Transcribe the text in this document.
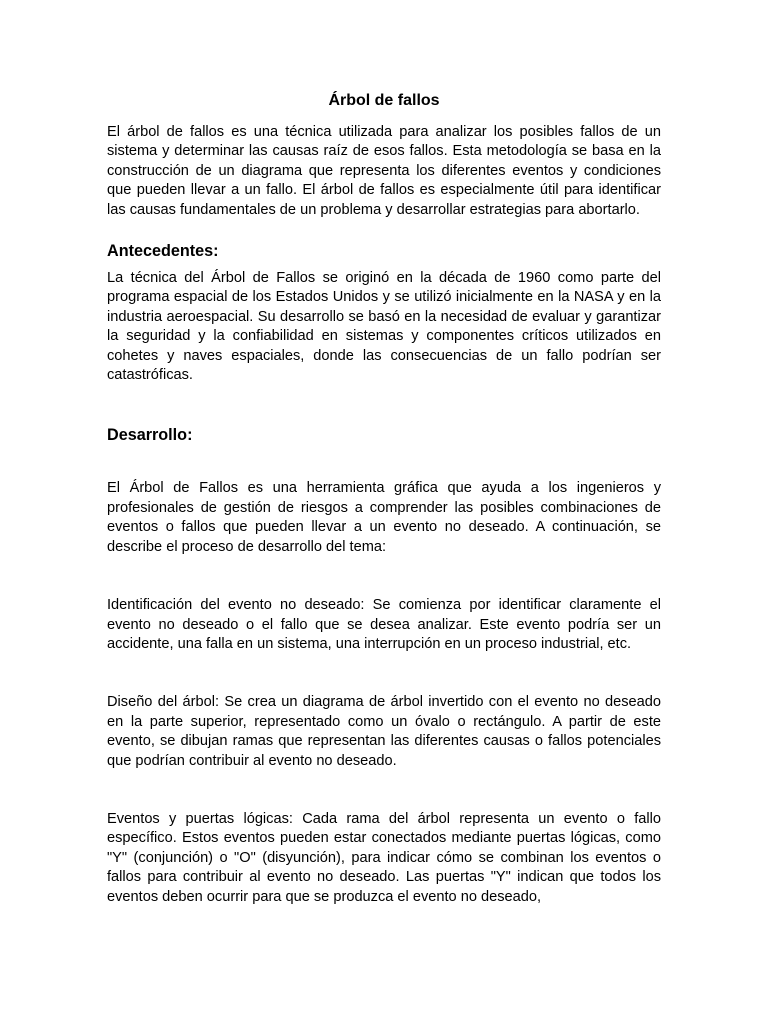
Árbol de fallos

El árbol de fallos es una técnica utilizada para analizar los posibles fallos de un sistema y determinar las causas raíz de esos fallos. Esta metodología se basa en la construcción de un diagrama que representa los diferentes eventos y condiciones que pueden llevar a un fallo. El árbol de fallos es especialmente útil para identificar las causas fundamentales de un problema y desarrollar estrategias para abortarlo.

Antecedentes:

La técnica del Árbol de Fallos se originó en la década de 1960 como parte del programa espacial de los Estados Unidos y se utilizó inicialmente en la NASA y en la industria aeroespacial. Su desarrollo se basó en la necesidad de evaluar y garantizar la seguridad y la confiabilidad en sistemas y componentes críticos utilizados en cohetes y naves espaciales, donde las consecuencias de un fallo podrían ser catastróficas.

Desarrollo:

El Árbol de Fallos es una herramienta gráfica que ayuda a los ingenieros y profesionales de gestión de riesgos a comprender las posibles combinaciones de eventos o fallos que pueden llevar a un evento no deseado. A continuación, se describe el proceso de desarrollo del tema:

Identificación del evento no deseado: Se comienza por identificar claramente el evento no deseado o el fallo que se desea analizar. Este evento podría ser un accidente, una falla en un sistema, una interrupción en un proceso industrial, etc.

Diseño del árbol: Se crea un diagrama de árbol invertido con el evento no deseado en la parte superior, representado como un óvalo o rectángulo. A partir de este evento, se dibujan ramas que representan las diferentes causas o fallos potenciales que podrían contribuir al evento no deseado.

Eventos y puertas lógicas: Cada rama del árbol representa un evento o fallo específico. Estos eventos pueden estar conectados mediante puertas lógicas, como "Y" (conjunción) o "O" (disyunción), para indicar cómo se combinan los eventos o fallos para contribuir al evento no deseado. Las puertas "Y" indican que todos los eventos deben ocurrir para que se produzca el evento no deseado,
